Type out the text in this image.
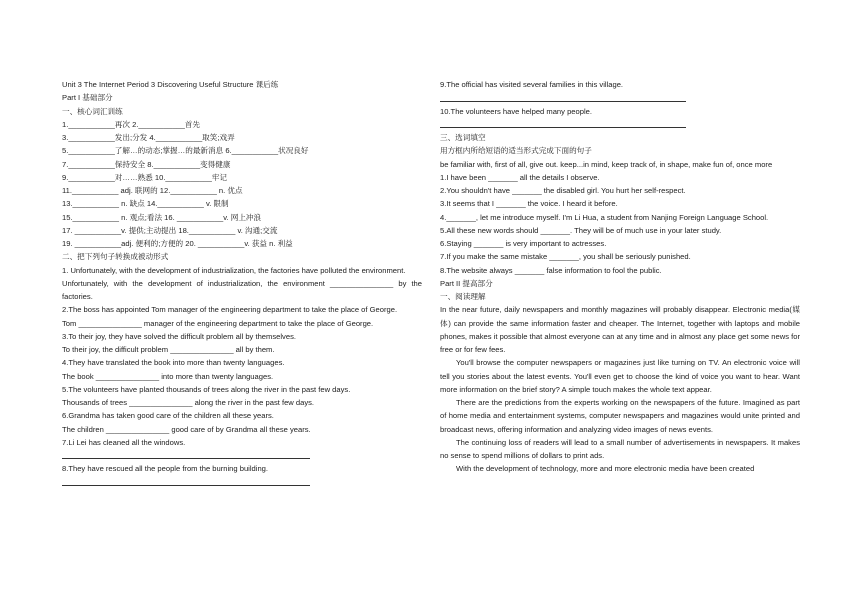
Unit 3 The Internet Period 3 Discovering Useful Structure 课后练
Part I 基础部分
一、核心词汇训练
1.___________再次 2.___________首先
3.___________发出;分发 4.___________取笑;戏弄
5.___________了解…的动态;掌握…的最新消息 6.___________状况良好
7.___________保持安全 8.___________变得健康
9.___________对……熟悉 10.___________牢记
11.___________ adj. 联网的 12.___________ n. 优点
13.___________ n. 缺点 14.___________ v. 限制
15.___________ n. 观点;看法 16. ___________v. 网上冲浪
17. ___________v. 提供;主动提出 18.___________ v. 沟通;交流
19. ___________adj. 便利的;方便的 20. ___________v. 获益 n. 利益
二、把下列句子转换成被动形式
1. Unfortunately, with the development of industrialization, the factories have polluted the environment.
Unfortunately, with the development of industrialization, the environment _______________ by the factories.
2.The boss has appointed Tom manager of the engineering department to take the place of George.
Tom _______________ manager of the engineering department to take the place of George.
3.To their joy, they have solved the difficult problem all by themselves.
To their joy, the difficult problem _______________ all by them.
4.They have translated the book into more than twenty languages.
The book _______________ into more than twenty languages.
5.The volunteers have planted thousands of trees along the river in the past few days.
Thousands of trees _______________ along the river in the past few days.
6.Grandma has taken good care of the children all these years.
The children _______________ good care of by Grandma all these years.
7.Li Lei has cleaned all the windows.
8.They have rescued all the people from the burning building.
9.The official has visited several families in this village.
10.The volunteers have helped many people.
三、选词填空
用方框内所给短语的适当形式完成下面的句子
be familiar with, first of all, give out. keep...in mind, keep track of, in shape, make fun of, once more
1.I have been _______ all the details I observe.
2.You shouldn't have _______ the disabled girl. You hurt her self-respect.
3.It seems that I _______ the voice. I heard it before.
4._______, let me introduce myself. I'm Li Hua, a student from Nanjing Foreign Language School.
5.All these new words should _______. They will be of much use in your later study.
6.Staying _______ is very important to actresses.
7.If you make the same mistake _______, you shall be seriously punished.
8.The website always _______ false information to fool the public.
Part II 提高部分
一、阅读理解
In the near future, daily newspapers and monthly magazines will probably disappear. Electronic media(媒体) can provide the same information faster and cheaper. The Internet, together with laptops and mobile phones, makes it possible that almost everyone can at any time and in almost any place get some news for free or for few fees.
You'll browse the computer newspapers or magazines just like turning on TV. An electronic voice will tell you stories about the latest events. You'll even get to choose the kind of voice you want to hear. Want more information on the brief story? A simple touch makes the whole text appear.
There are the predictions from the experts working on the newspapers of the future. Imagined as part of home media and entertainment systems, computer newspapers and magazines would unite printed and broadcast news, offering information and analyzing video images of news events.
The continuing loss of readers will lead to a small number of advertisements in newspapers. It makes no sense to spend millions of dollars to print ads.
With the development of technology, more and more electronic media have been created
